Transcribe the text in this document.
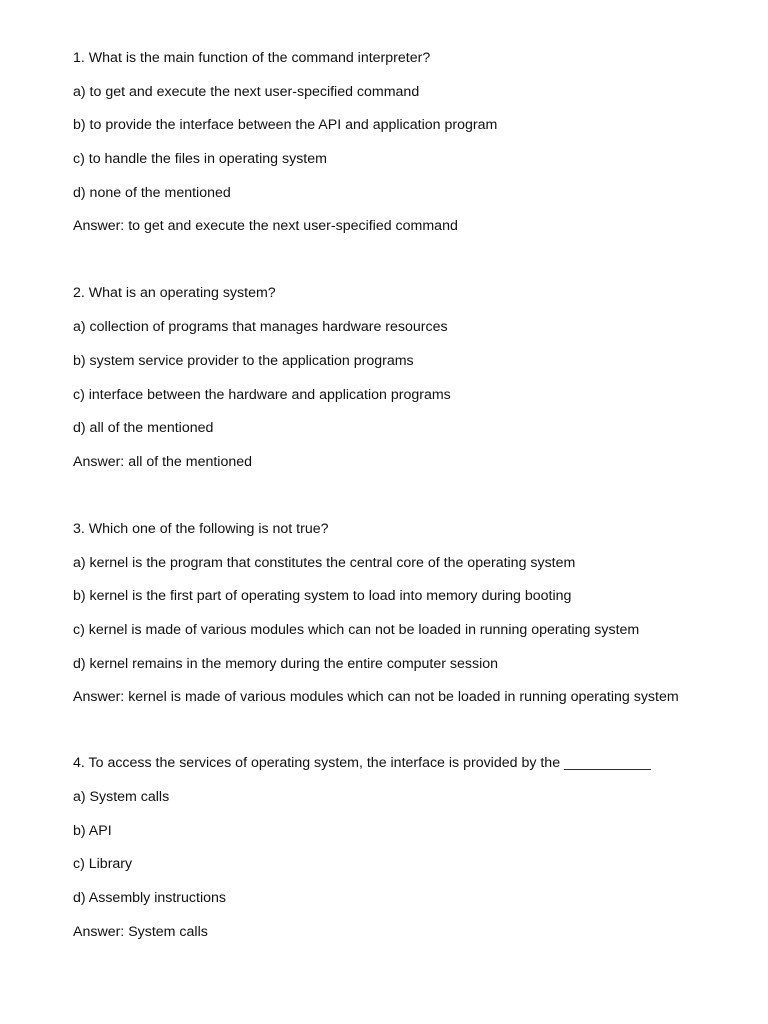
1. What is the main function of the command interpreter?

a) to get and execute the next user-specified command

b) to provide the interface between the API and application program

c) to handle the files in operating system

d) none of the mentioned

Answer: to get and execute the next user-specified command

2. What is an operating system?

a) collection of programs that manages hardware resources

b) system service provider to the application programs

c) interface between the hardware and application programs

d) all of the mentioned

Answer: all of the mentioned

3. Which one of the following is not true?

a) kernel is the program that constitutes the central core of the operating system

b) kernel is the first part of operating system to load into memory during booting

c) kernel is made of various modules which can not be loaded in running operating system

d) kernel remains in the memory during the entire computer session

Answer: kernel is made of various modules which can not be loaded in running operating system

4. To access the services of operating system, the interface is provided by the ___________

a) System calls

b) API

c) Library

d) Assembly instructions

Answer: System calls
